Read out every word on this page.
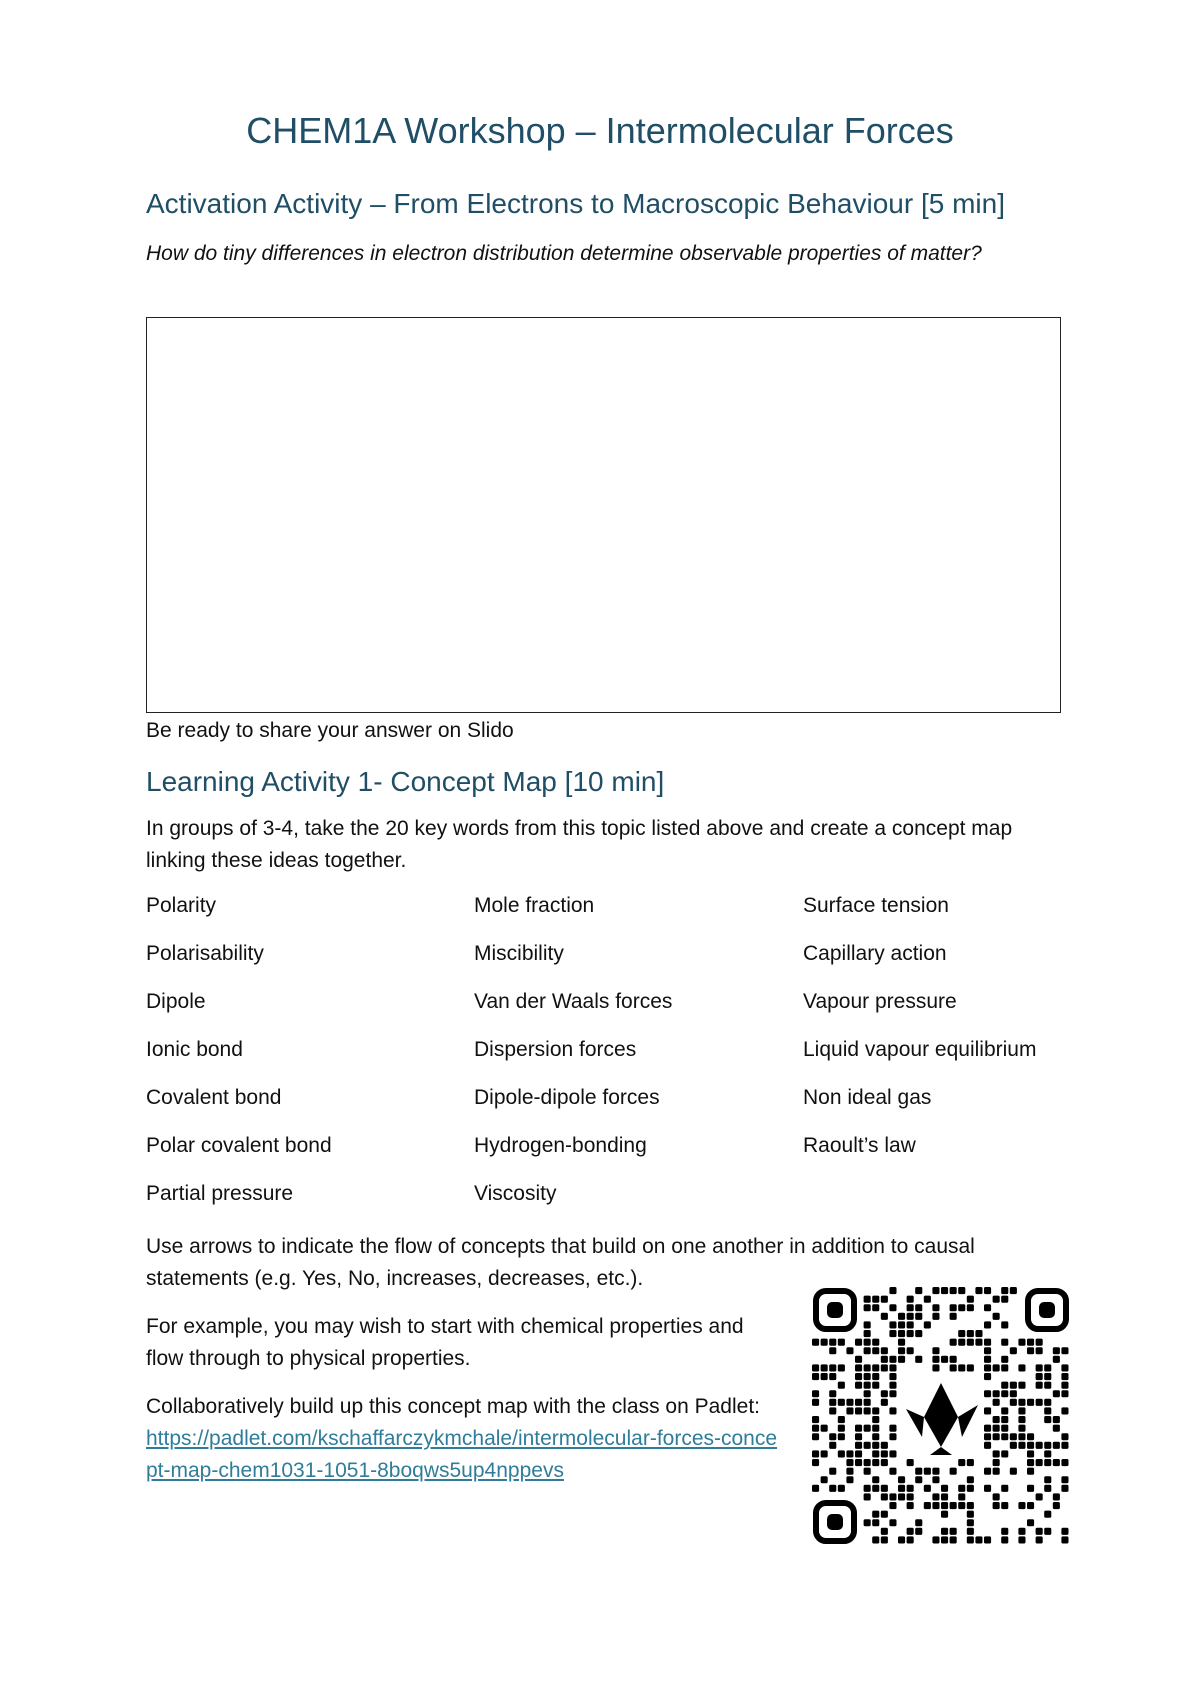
CHEM1A Workshop – Intermolecular Forces
Activation Activity – From Electrons to Macroscopic Behaviour [5 min]

How do tiny differences in electron distribution determine observable properties of matter?

Be ready to share your answer on Slido

Learning Activity 1- Concept Map [10 min]

In groups of 3-4, take the 20 key words from this topic listed above and create a concept map linking these ideas together.

Polarity
Polarisability
Dipole
Ionic bond
Covalent bond
Polar covalent bond
Partial pressure
Mole fraction
Miscibility
Van der Waals forces
Dispersion forces
Dipole-dipole forces
Hydrogen-bonding
Viscosity
Surface tension
Capillary action
Vapour pressure
Liquid vapour equilibrium
Non ideal gas
Raoult’s law

Use arrows to indicate the flow of concepts that build on one another in addition to causal statements (e.g. Yes, No, increases, decreases, etc.).

For example, you may wish to start with chemical properties and flow through to physical properties.

Collaboratively build up this concept map with the class on Padlet:
https://padlet.com/kschaffarczykmchale/intermolecular-forces-concept-map-chem1031-1051-8boqws5up4nppevs
